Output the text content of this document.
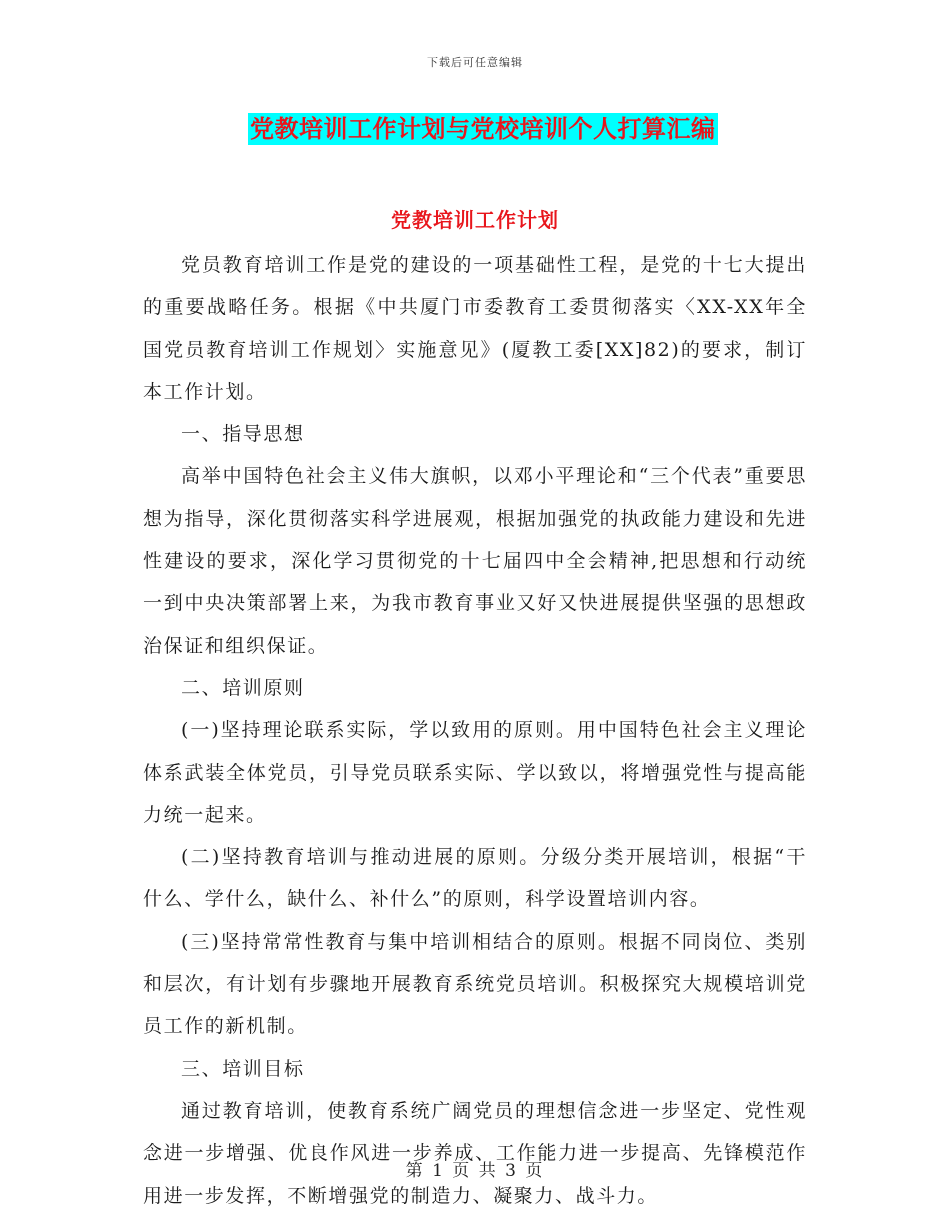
下载后可任意编辑
党教培训工作计划与党校培训个人打算汇编
党教培训工作计划

党员教育培训工作是党的建设的一项基础性工程，是党的十七大提出的重要战略任务。根据《中共厦门市委教育工委贯彻落实〈XX-XX年全国党员教育培训工作规划〉实施意见》(厦教工委[XX]82)的要求，制订本工作计划。

一、指导思想

高举中国特色社会主义伟大旗帜，以邓小平理论和“三个代表”重要思想为指导，深化贯彻落实科学进展观，根据加强党的执政能力建设和先进性建设的要求，深化学习贯彻党的十七届四中全会精神,把思想和行动统一到中央决策部署上来，为我市教育事业又好又快进展提供坚强的思想政治保证和组织保证。

二、培训原则

(一)坚持理论联系实际，学以致用的原则。用中国特色社会主义理论体系武装全体党员，引导党员联系实际、学以致以，将增强党性与提高能力统一起来。

(二)坚持教育培训与推动进展的原则。分级分类开展培训，根据“干什么、学什么，缺什么、补什么”的原则，科学设置培训内容。

(三)坚持常常性教育与集中培训相结合的原则。根据不同岗位、类别和层次，有计划有步骤地开展教育系统党员培训。积极探究大规模培训党员工作的新机制。

三、培训目标

通过教育培训，使教育系统广阔党员的理想信念进一步坚定、党性观念进一步增强、优良作风进一步养成、工作能力进一步提高、先锋模范作用进一步发挥，不断增强党的制造力、凝聚力、战斗力。

第 1 页 共 3 页
